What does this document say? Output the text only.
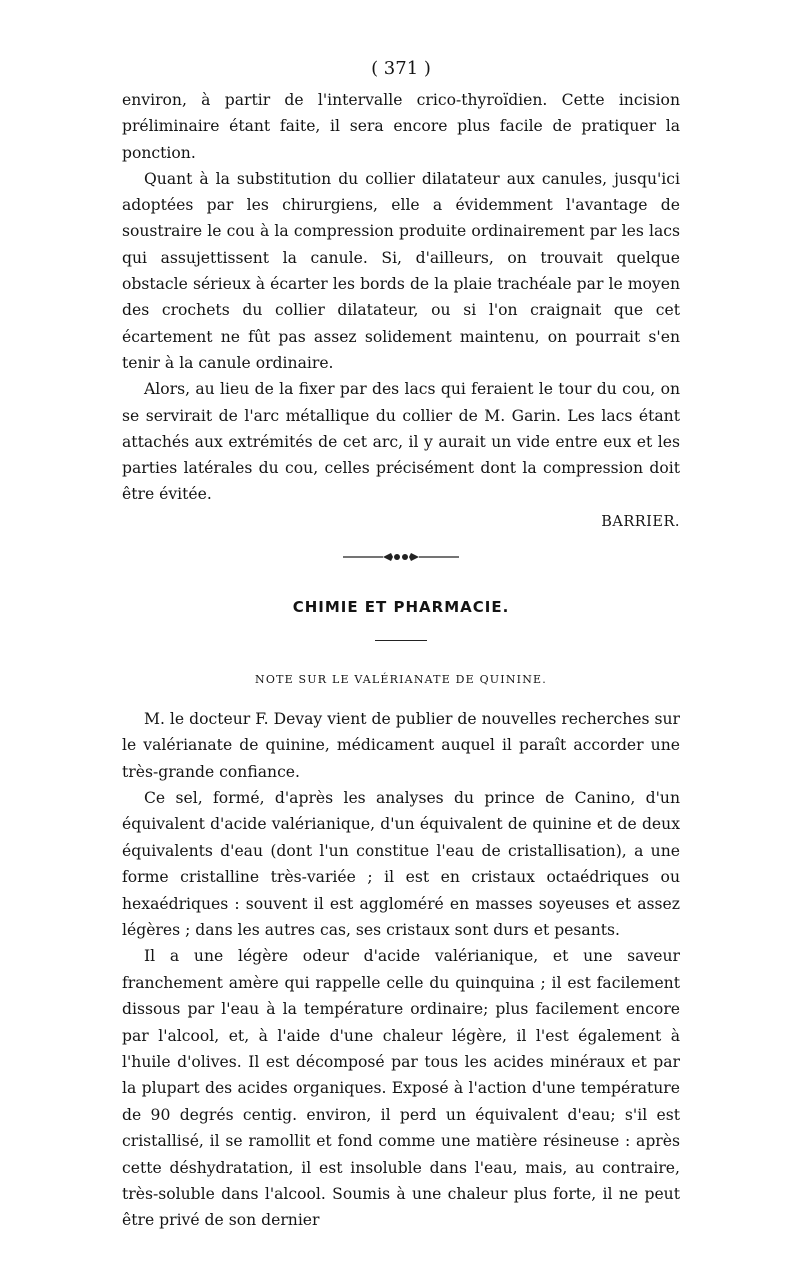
( 371 )

environ, à partir de l'intervalle crico-thyroïdien. Cette incision préliminaire étant faite, il sera encore plus facile de pratiquer la ponction.

Quant à la substitution du collier dilatateur aux canules, jusqu'ici adoptées par les chirurgiens, elle a évidemment l'avantage de soustraire le cou à la compression produite ordinairement par les lacs qui assujettissent la canule. Si, d'ailleurs, on trouvait quelque obstacle sérieux à écarter les bords de la plaie trachéale par le moyen des crochets du collier dilatateur, ou si l'on craignait que cet écartement ne fût pas assez solidement maintenu, on pourrait s'en tenir à la canule ordinaire.

Alors, au lieu de la fixer par des lacs qui feraient le tour du cou, on se servirait de l'arc métallique du collier de M. Garin. Les lacs étant attachés aux extrémités de cet arc, il y aurait un vide entre eux et les parties latérales du cou, celles précisément dont la compression doit être évitée.

BARRIER.
CHIMIE ET PHARMACIE.
NOTE SUR LE VALÉRIANATE DE QUININE.

M. le docteur F. Devay vient de publier de nouvelles recherches sur le valérianate de quinine, médicament auquel il paraît accorder une très-grande confiance.

Ce sel, formé, d'après les analyses du prince de Canino, d'un équivalent d'acide valérianique, d'un équivalent de quinine et de deux équivalents d'eau (dont l'un constitue l'eau de cristallisation), a une forme cristalline très-variée ; il est en cristaux octaédriques ou hexaédriques : souvent il est aggloméré en masses soyeuses et assez légères ; dans les autres cas, ses cristaux sont durs et pesants.

Il a une légère odeur d'acide valérianique, et une saveur franchement amère qui rappelle celle du quinquina ; il est facilement dissous par l'eau à la température ordinaire; plus facilement encore par l'alcool, et, à l'aide d'une chaleur légère, il l'est également à l'huile d'olives. Il est décomposé par tous les acides minéraux et par la plupart des acides organiques. Exposé à l'action d'une température de 90 degrés centig. environ, il perd un équivalent d'eau; s'il est cristallisé, il se ramollit et fond comme une matière résineuse : après cette déshydratation, il est insoluble dans l'eau, mais, au contraire, très-soluble dans l'alcool. Soumis à une chaleur plus forte, il ne peut être privé de son dernier
